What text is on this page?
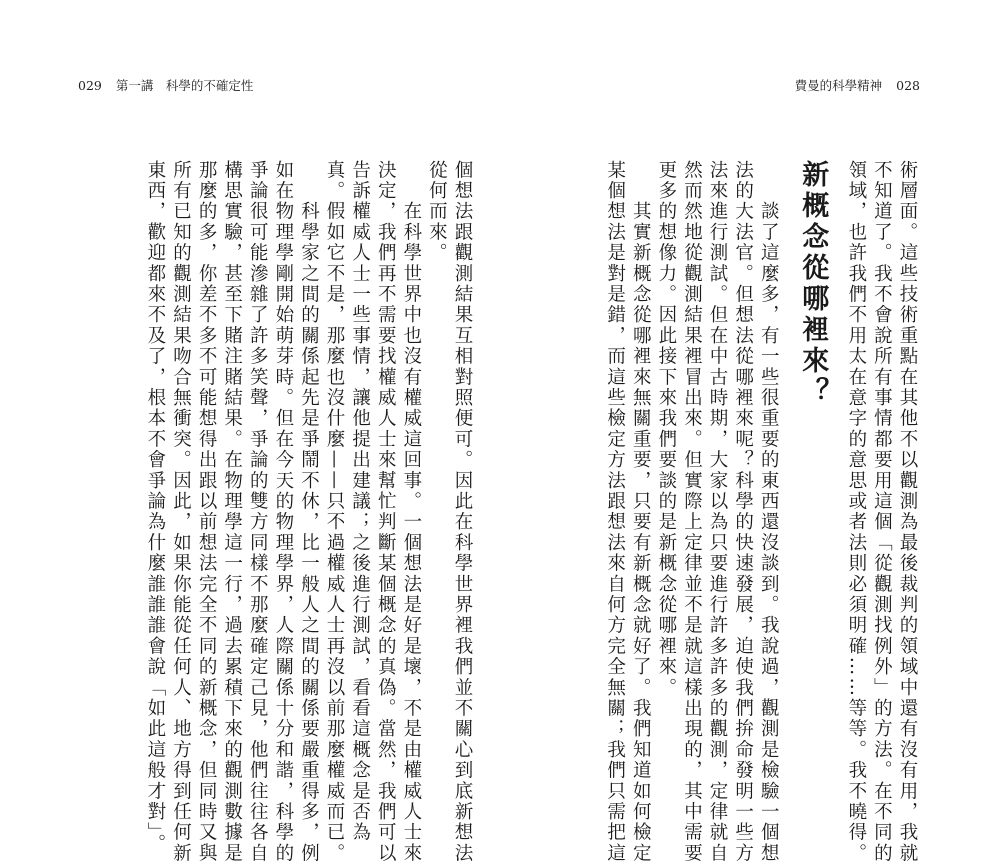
029 第一講　科學的不確定性	費曼的科學精神 028
術層面。這些技術重點在其他不以觀測為最後裁判的領域中還有沒有用，我就
不知道了。我不會說所有事情都要用這個「從觀測找例外」的方法。在不同的
領域，也許我們不用太在意字的意思或者法則必須明確……等等。我不曉得。
新概念從哪裡來？
　　談了這麼多，有一些很重要的東西還沒談到。我說過，觀測是檢驗一個想
法的大法官。但想法從哪裡來呢？科學的快速發展，迫使我們拚命發明一些方
法來進行測試。但在中古時期，大家以為只要進行許多許多的觀測，定律就自
然而然地從觀測結果裡冒出來。但實際上定律並不是就這樣出現的，其中需要
更多的想像力。因此接下來我們要談的是新概念從哪裡來。
　　其實新概念從哪裡來無關重要，只要有新概念就好了。我們知道如何檢定
某個想法是對是錯，而這些檢定方法跟想法來自何方完全無關；我們只需把這
個想法跟觀測結果互相對照便可。因此在科學世界裡我們並不關心到底新想法
從何而來。
　　在科學世界中也沒有權威這回事。一個想法是好是壞，不是由權威人士來
決定，我們再不需要找權威人士來幫忙判斷某個概念的真偽。當然，我們可以
告訴權威人士一些事情，讓他提出建議；之後進行測試，看看這概念是否為
真。假如它不是，那麼也沒什麼——只不過權威人士再沒以前那麼權威而已。
　　科學家之間的關係起先是爭鬧不休，比一般人之間的關係要嚴重得多，例
如在物理學剛開始萌芽時。但在今天的物理學界，人際關係十分和諧，科學的
爭論很可能滲雜了許多笑聲，爭論的雙方同樣不那麼確定己見，他們往往各自
構思實驗，甚至下賭注賭結果。在物理學這一行，過去累積下來的觀測數據是
那麼的多，你差不多不可能想得出跟以前想法完全不同的新概念，但同時又與
所有已知的觀測結果吻合無衝突。因此，如果你能從任何人、地方得到任何新
東西，歡迎都來不及了，根本不會爭論為什麼誰誰誰會說「如此這般才對」。
